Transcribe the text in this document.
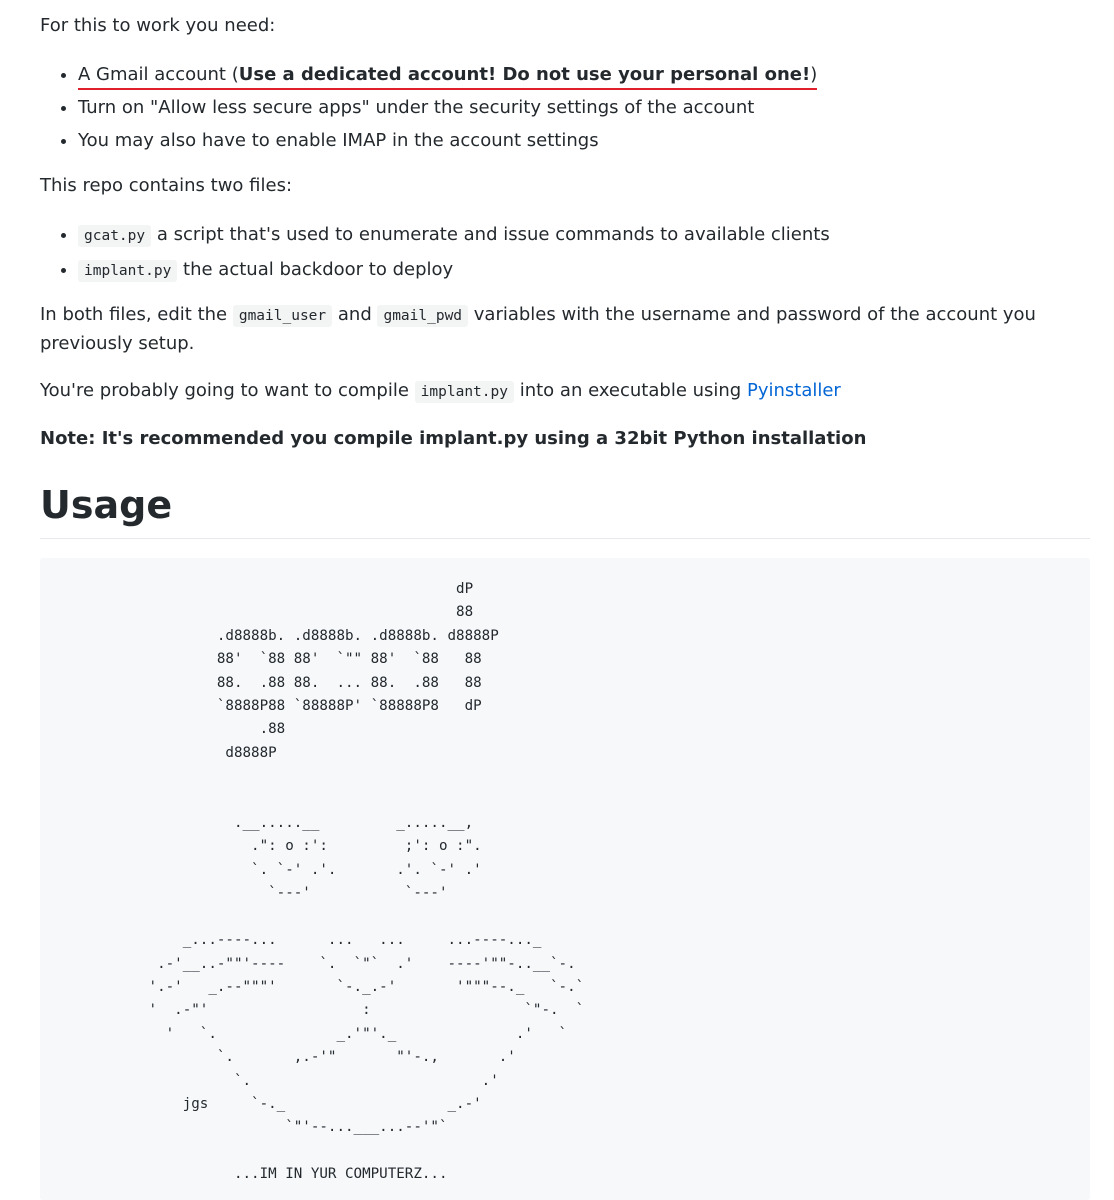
For this to work you need:

• A Gmail account (Use a dedicated account! Do not use your personal one!)
• Turn on "Allow less secure apps" under the security settings of the account
• You may also have to enable IMAP in the account settings

This repo contains two files:

• gcat.py a script that's used to enumerate and issue commands to available clients
• implant.py the actual backdoor to deploy

In both files, edit the gmail_user and gmail_pwd variables with the username and password of the account you previously setup.

You're probably going to want to compile implant.py into an executable using Pyinstaller

Note: It's recommended you compile implant.py using a 32bit Python installation

Usage
dP
88
.d8888b. .d8888b. .d8888b. d8888P
88'  `88 88'  `"" 88'  `88   88
88.  .88 88.  ... 88.  .88   88
`8888P88 `88888P' `88888P8   dP
.88
d8888P

.__.....__         _.....__,
.": o :':         ;': o :".
`. `-' .'.       .'. `-' .'
`---'           `---'

_...----...      ...   ...     ...----..._
.-'__..-""'----    `.  `"`  .'    ----'""-..__`-.
'.-'   _.--"""'       `-._.-'       '"""--._   `-.`
'  .-"'                  :                  `"-.  `
'   `.              _.'"'._              .'   `
`.       ,.-'"       "'-.,       .'
`.                           .'
jgs     `-._                   _.-'
`"'--...___...--'"`

...IM IN YUR COMPUTERZ...
